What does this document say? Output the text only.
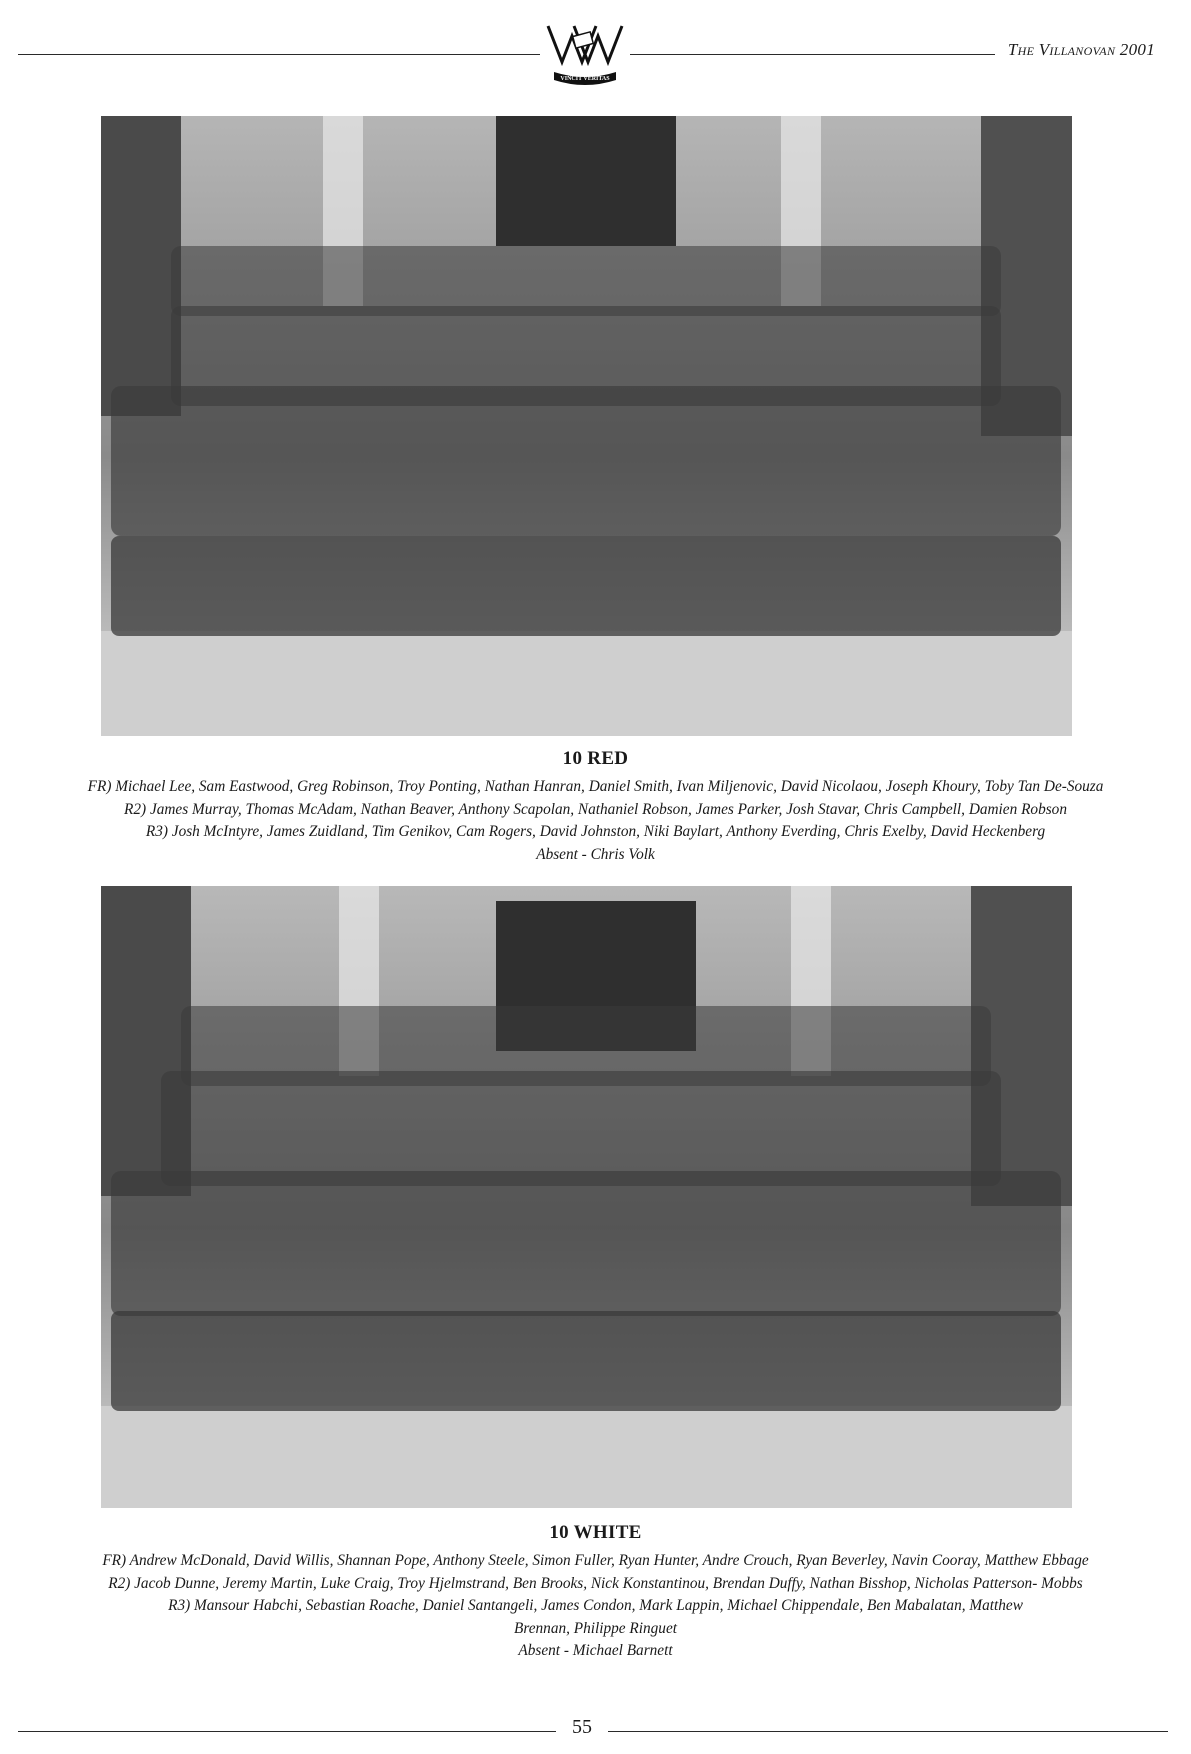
VINCIT VERITAS
The Villanovan 2001
10 RED
FR) Michael Lee, Sam Eastwood, Greg Robinson, Troy Ponting, Nathan Hanran, Daniel Smith, Ivan Miljenovic, David Nicolaou, Joseph Khoury, Toby Tan De-Souza
R2) James Murray, Thomas McAdam, Nathan Beaver, Anthony Scapolan, Nathaniel Robson, James Parker, Josh Stavar, Chris Campbell, Damien Robson
R3) Josh McIntyre, James Zuidland, Tim Genikov, Cam Rogers, David Johnston, Niki Baylart, Anthony Everding, Chris Exelby, David Heckenberg
Absent - Chris Volk
10 WHITE
FR) Andrew McDonald, David Willis, Shannan Pope, Anthony Steele, Simon Fuller, Ryan Hunter, Andre Crouch, Ryan Beverley, Navin Cooray, Matthew Ebbage
R2) Jacob Dunne, Jeremy Martin, Luke Craig, Troy Hjelmstrand, Ben Brooks, Nick Konstantinou, Brendan Duffy, Nathan Bisshop, Nicholas Patterson- Mobbs
R3) Mansour Habchi, Sebastian Roache, Daniel Santangeli, James Condon, Mark Lappin, Michael Chippendale, Ben Mabalatan, Matthew Brennan, Philippe Ringuet
Absent - Michael Barnett
55
